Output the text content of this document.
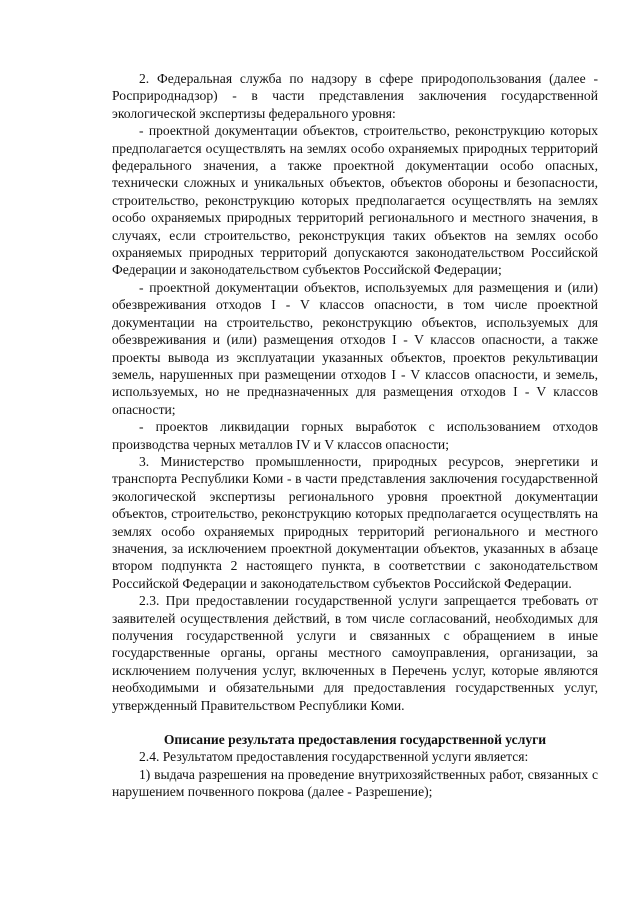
2. Федеральная служба по надзору в сфере природопользования (далее - Росприроднадзор) - в части представления заключения государственной экологической экспертизы федерального уровня:

- проектной документации объектов, строительство, реконструкцию которых предполагается осуществлять на землях особо охраняемых природных территорий федерального значения, а также проектной документации особо опасных, технически сложных и уникальных объектов, объектов обороны и безопасности, строительство, реконструкцию которых предполагается осуществлять на землях особо охраняемых природных территорий регионального и местного значения, в случаях, если строительство, реконструкция таких объектов на землях особо охраняемых природных территорий допускаются законодательством Российской Федерации и законодательством субъектов Российской Федерации;

- проектной документации объектов, используемых для размещения и (или) обезвреживания отходов I - V классов опасности, в том числе проектной документации на строительство, реконструкцию объектов, используемых для обезвреживания и (или) размещения отходов I - V классов опасности, а также проекты вывода из эксплуатации указанных объектов, проектов рекультивации земель, нарушенных при размещении отходов I - V классов опасности, и земель, используемых, но не предназначенных для размещения отходов I - V классов опасности;

- проектов ликвидации горных выработок с использованием отходов производства черных металлов IV и V классов опасности;

3. Министерство промышленности, природных ресурсов, энергетики и транспорта Республики Коми - в части представления заключения государственной экологической экспертизы регионального уровня проектной документации объектов, строительство, реконструкцию которых предполагается осуществлять на землях особо охраняемых природных территорий регионального и местного значения, за исключением проектной документации объектов, указанных в абзаце втором подпункта 2 настоящего пункта, в соответствии с законодательством Российской Федерации и законодательством субъектов Российской Федерации.

2.3. При предоставлении государственной услуги запрещается требовать от заявителей осуществления действий, в том числе согласований, необходимых для получения государственной услуги и связанных с обращением в иные государственные органы, органы местного самоуправления, организации, за исключением получения услуг, включенных в Перечень услуг, которые являются необходимыми и обязательными для предоставления государственных услуг, утвержденный Правительством Республики Коми.

Описание результата предоставления государственной услуги

2.4. Результатом предоставления государственной услуги является:

1) выдача разрешения на проведение внутрихозяйственных работ, связанных с нарушением почвенного покрова (далее - Разрешение);
